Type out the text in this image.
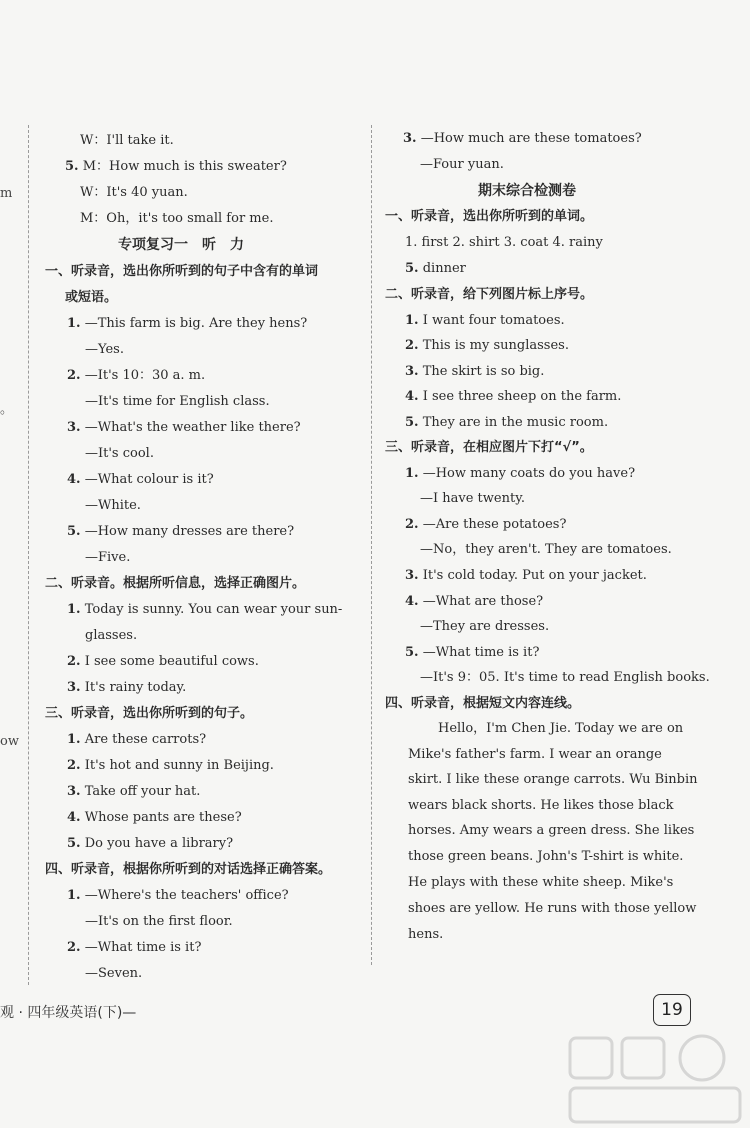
m
。
ow
W：I'll take it.
5. M：How much is this sweater?
W：It's 40 yuan.
M：Oh，it's too small for me.
专项复习一　听　力
一、听录音，选出你所听到的句子中含有的单词
或短语。
1. —This farm is big. Are they hens?
—Yes.
2. —It's 10：30 a. m.
—It's time for English class.
3. —What's the weather like there?
—It's cool.
4. —What colour is it?
—White.
5. —How many dresses are there?
—Five.
二、听录音。根据所听信息，选择正确图片。
1. Today is sunny. You can wear your sun-
glasses.
2. I see some beautiful cows.
3. It's rainy today.
三、听录音，选出你所听到的句子。
1. Are these carrots?
2. It's hot and sunny in Beijing.
3. Take off your hat.
4. Whose pants are these?
5. Do you have a library?
四、听录音，根据你所听到的对话选择正确答案。
1. —Where's the teachers' office?
—It's on the first floor.
2. —What time is it?
—Seven.
3. —How much are these tomatoes?
—Four yuan.
期末综合检测卷
一、听录音，选出你所听到的单词。
1. first 2. shirt 3. coat 4. rainy
5. dinner
二、听录音，给下列图片标上序号。
1. I want four tomatoes.
2. This is my sunglasses.
3. The skirt is so big.
4. I see three sheep on the farm.
5. They are in the music room.
三、听录音，在相应图片下打“√”。
1. —How many coats do you have?
—I have twenty.
2. —Are these potatoes?
—No，they aren't. They are tomatoes.
3. It's cold today. Put on your jacket.
4. —What are those?
—They are dresses.
5. —What time is it?
—It's 9：05. It's time to read English books.
四、听录音，根据短文内容连线。
Hello，I'm Chen Jie. Today we are on
Mike's father's farm. I wear an orange
skirt. I like these orange carrots. Wu Binbin
wears black shorts. He likes those black
horses. Amy wears a green dress. She likes
those green beans. John's T-shirt is white.
He plays with these white sheep. Mike's
shoes are yellow. He runs with those yellow
hens.
观 · 四年级英语(下)—	19
